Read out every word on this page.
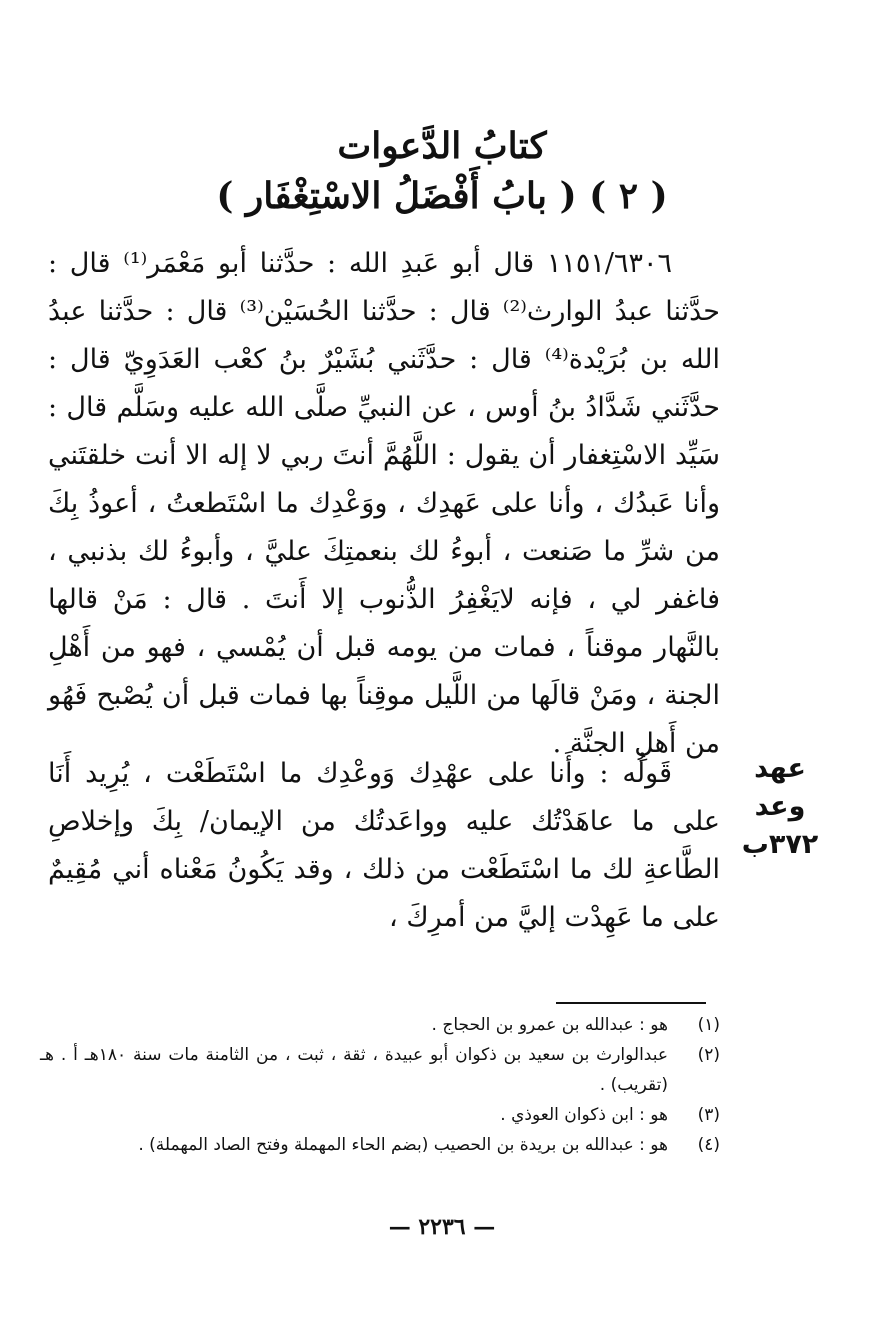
كتابُ الدَّعوات
( ٢ ) ( بابُ أَفْضَلُ الاسْتِغْفَار )

١١٥١/٦٣٠٦ قال أبو عَبدِ الله : حدَّثنا أبو مَعْمَر⁽¹⁾ قال : حدَّثنا عبدُ الوارث⁽²⁾ قال : حدَّثنا الحُسَيْن⁽³⁾ قال : حدَّثنا عبدُ الله بن بُرَيْدة⁽⁴⁾ قال : حدَّثَني بُشَيْرٌ بنُ كعْب العَدَوِيّ قال : حدَّثَني شَدَّادُ بنُ أوس ، عن النبيِّ صلَّى الله عليه وسَلَّم قال : سَيِّد الاسْتِغفار أن يقول : اللَّهُمَّ أنتَ ربي لا إله الا أنت خلقتَني وأنا عَبدُك ، وأنا على عَهدِك ، ووَعْدِك ما اسْتَطعتُ ، أعوذُ بِكَ من شرِّ ما صَنعت ، أبوءُ لك بنعمتِكَ عليَّ ، وأبوءُ لك بذنبي ، فاغفر لي ، فإنه لايَغْفِرُ الذُّنوب إلا أَنتَ . قال : مَنْ قالها بالنَّهار موقناً ، فمات من يومه قبل أن يُمْسي ، فهو من أَهْلِ الجنة ، ومَنْ قالَها من اللَّيل موقِناً بها فمات قبل أن يُصْبح فَهُو من أَهلِ الجنَّة .

قَولُه : وأَنا على عهْدِك وَوعْدِك ما اسْتَطَعْت ، يُرِيد أَنَا على ما عاهَدْتُك عليه وواعَدتُك من الإيمان/ بِكَ وإخلاصِ الطَّاعةِ لك ما اسْتَطَعْت من ذلك ، وقد يَكُونُ مَعْناه أني مُقِيمٌ على ما عَهِدْت إليَّ من أمرِكَ ،

عهد
وعد
٣٧٢ب
(١)
هو : عبدالله بن عمرو بن الحجاج .
(٢)
عبدالوارث بن سعيد بن ذكوان أبو عبيدة ، ثقة ، ثبت ، من الثامنة مات سنة ١٨٠هـ أ . هـ (تقريب) .
(٣)
هو : ابن ذكوان العوذي .
(٤)
هو : عبدالله بن بريدة بن الحصيب (بضم الحاء المهملة وفتح الصاد المهملة) .
— ٢٢٣٦ —
